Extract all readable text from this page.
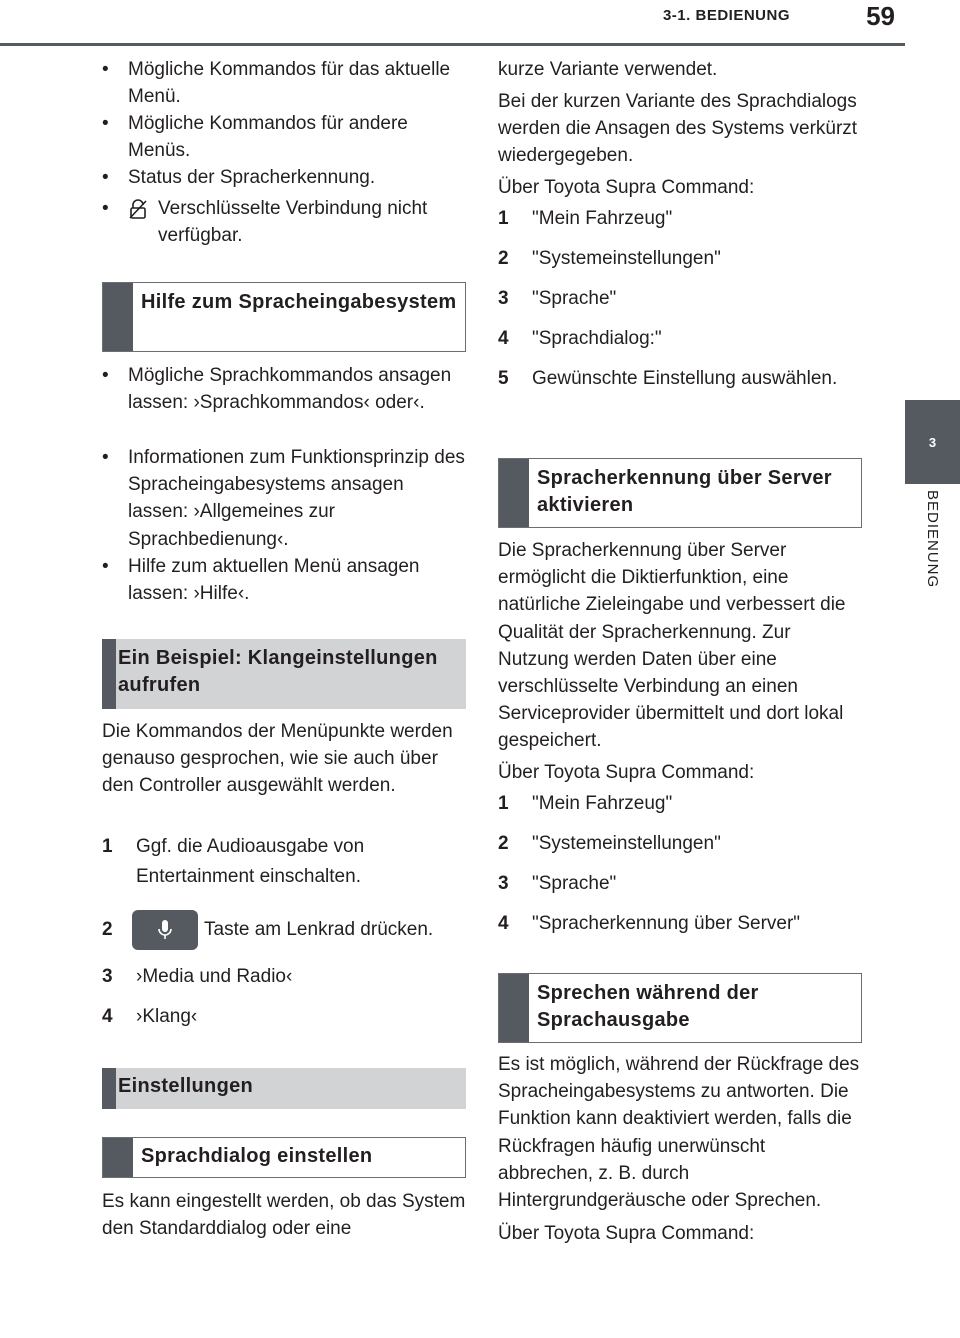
3-1. BEDIENUNG	59
3
BEDIENUNG
• Mögliche Kommandos für das aktuelle Menü.
• Mögliche Kommandos für andere Menüs.
• Status der Spracherkennung.
•	Verschlüsselte Verbindung nicht verfügbar.
Hilfe zum Spracheingabesystem
• Mögliche Sprachkommandos ansagen lassen: ›Sprachkommandos‹ oder‹.
• Informationen zum Funktionsprinzip des Spracheingabesystems ansagen lassen: ›Allgemeines zur Sprachbedienung‹.
• Hilfe zum aktuellen Menü ansagen lassen: ›Hilfe‹.
Ein Beispiel: Klangeinstellungen aufrufen

Die Kommandos der Menüpunkte werden genauso gesprochen, wie sie auch über den Controller ausgewählt werden.

1 Ggf. die Audioausgabe von Entertainment einschalten.
2	Taste am Lenkrad drücken.
3 ›Media und Radio‹
4 ›Klang‹
Einstellungen
Sprachdialog einstellen

Es kann eingestellt werden, ob das System den Standarddialog oder eine

kurze Variante verwendet.

Bei der kurzen Variante des Sprachdialogs werden die Ansagen des Systems verkürzt wiedergegeben.

Über Toyota Supra Command:

1 "Mein Fahrzeug"
2 "Systemeinstellungen"
3 "Sprache"
4 "Sprachdialog:"
5 Gewünschte Einstellung auswählen.
Spracherkennung über Server aktivieren

Die Spracherkennung über Server ermöglicht die Diktierfunktion, eine natürliche Zieleingabe und verbessert die Qualität der Spracherkennung. Zur Nutzung werden Daten über eine verschlüsselte Verbindung an einen Serviceprovider übermittelt und dort lokal gespeichert.

Über Toyota Supra Command:

1 "Mein Fahrzeug"
2 "Systemeinstellungen"
3 "Sprache"
4 "Spracherkennung über Server"
Sprechen während der Sprachausgabe

Es ist möglich, während der Rückfrage des Spracheingabesystems zu antworten. Die Funktion kann deaktiviert werden, falls die Rückfragen häufig unerwünscht abbrechen, z. B. durch Hintergrundgeräusche oder Sprechen.

Über Toyota Supra Command:
